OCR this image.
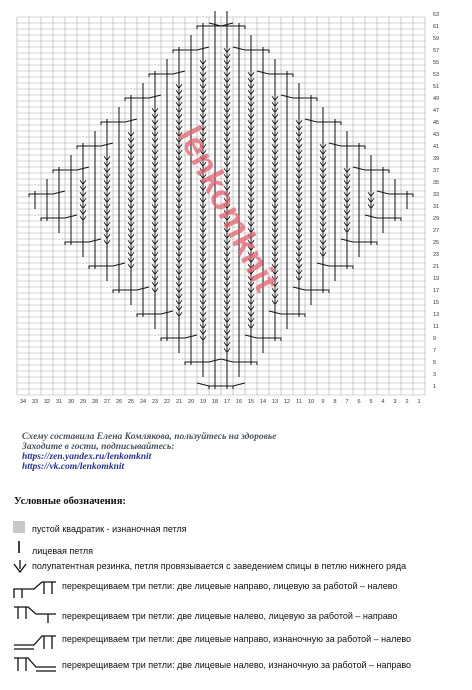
63
61
59
57
55
53
51
49
47
45
43
41
39
37
35
33
31
29
27
25
23
21
19
17
15
13
11
9
7
5
3
1
34 33 32 31 30 29 28 27 26 25 24 23 22 21 20 19 18 17 16 15 14 13 12 11 10 9 8 7 6 5 4 3 2 1
lenkomknit
Схему составила Елена Комлякова, пользуйтесь на здоровье
Заходите в гости, подписывайтесь:
https://zen.yandex.ru/lenkomknit
https://vk.com/lenkomknit
Условные обозначения:
пустой квадратик - изнаночная петля
лицевая петля
полупатентная резинка, петля провязывается с заведением спицы в петлю нижнего ряда
перекрещиваем три петли: две лицевые направо, лицевую за работой – налево
перекрещиваем три петли: две лицевые налево, лицевую за работой – направо
перекрещиваем три петли: две лицевые направо, изнаночную за работой – налево
перекрещиваем три петли: две лицевые налево, изнаночную за работой – направо
